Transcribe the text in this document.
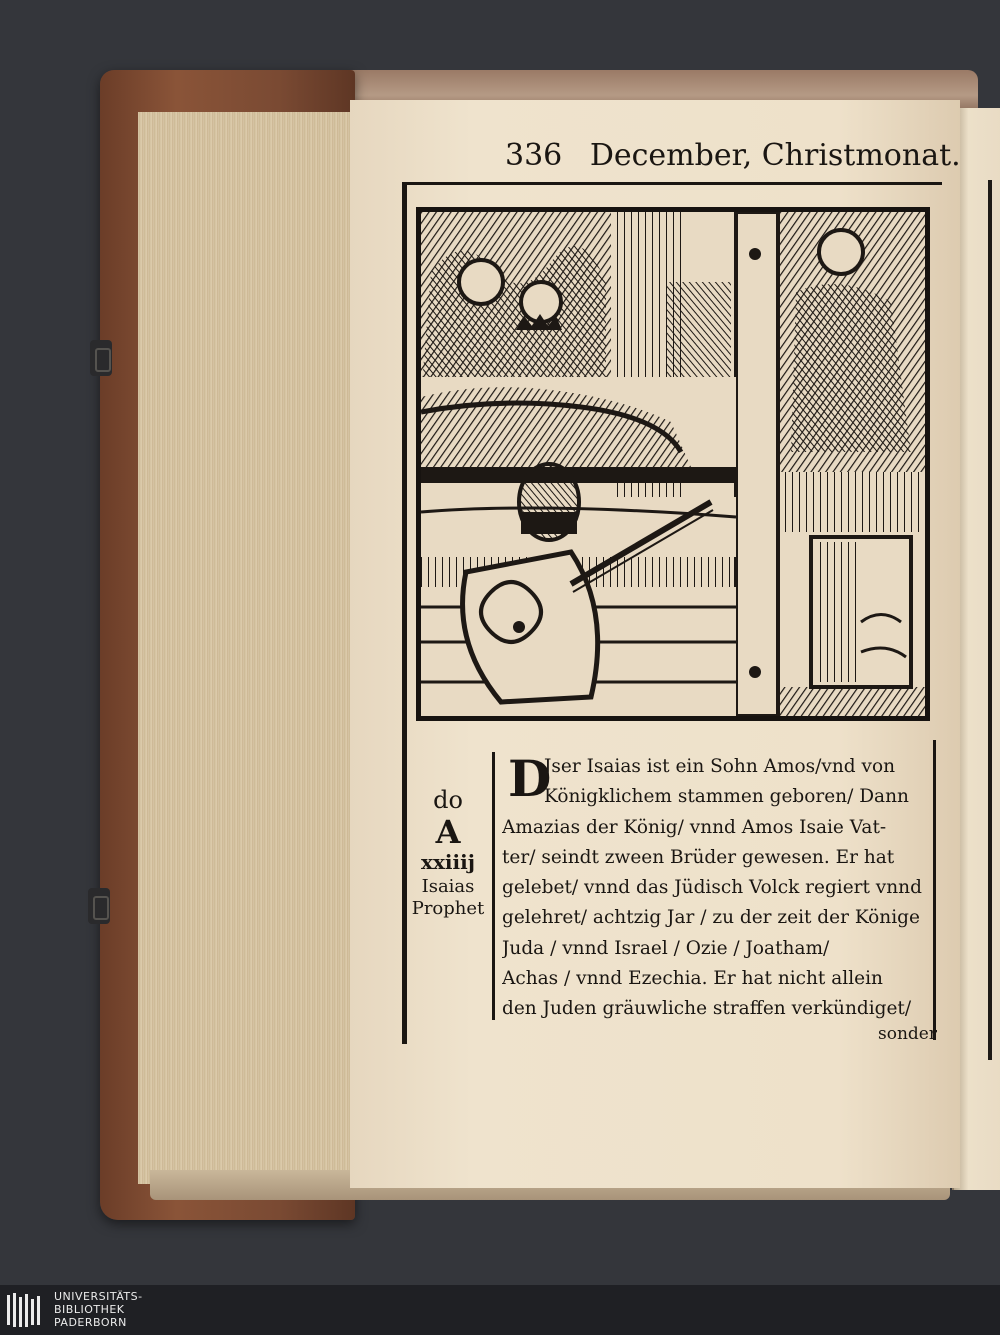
336 December, Christmonat.
do
A
xxiiij
Isaias
Prophet
D
Jser Isaias ist ein Sohn Amos/vnd von
Königklichem stammen geboren/ Dann
Amazias der König/ vnnd Amos Isaie Vat-
ter/ seindt zween Brüder gewesen. Er hat
gelebet/ vnnd das Jüdisch Volck regiert vnnd
gelehret/ achtzig Jar / zu der zeit der Könige
Juda / vnnd Israel / Ozie / Joatham/
Achas / vnnd Ezechia. Er hat nicht allein
den Juden gräuwliche straffen verkündiget/
sonder
UNIVERSITÄTS-
BIBLIOTHEK
PADERBORN
